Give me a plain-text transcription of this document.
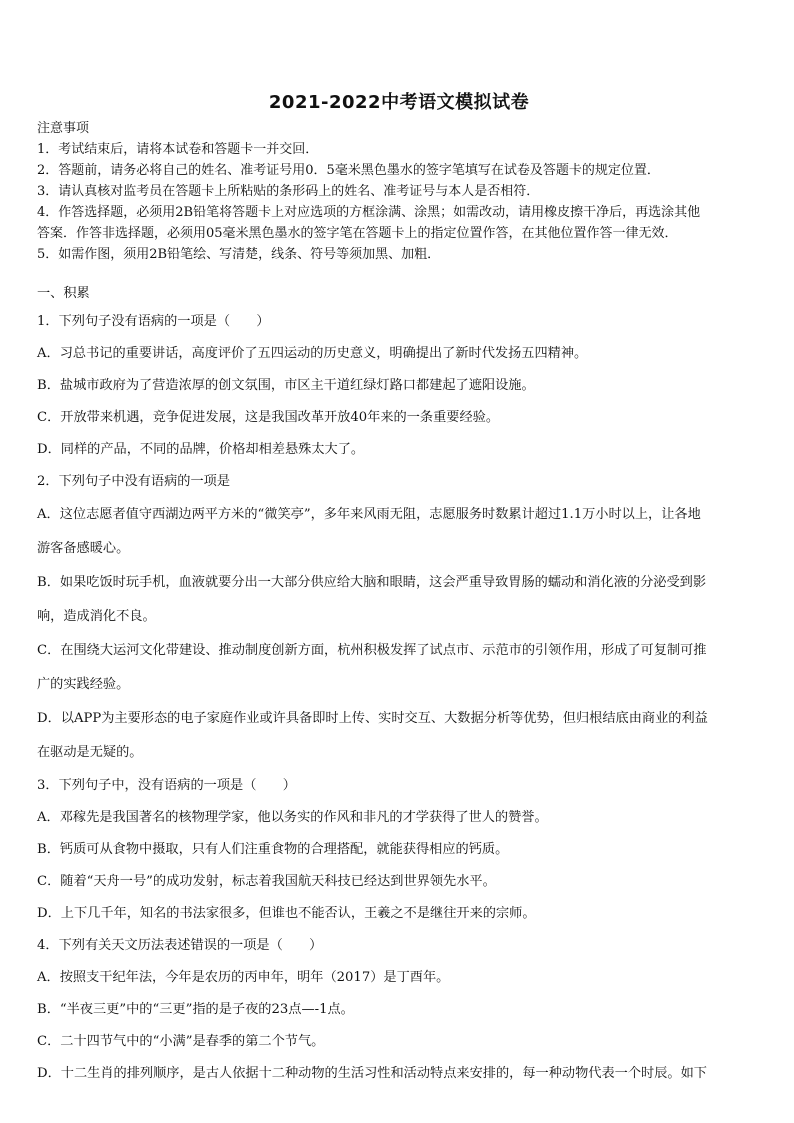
2021-2022中考语文模拟试卷

注意事项

1．考试结束后，请将本试卷和答题卡一并交回．

2．答题前，请务必将自己的姓名、准考证号用0．5毫米黑色墨水的签字笔填写在试卷及答题卡的规定位置．

3．请认真核对监考员在答题卡上所粘贴的条形码上的姓名、准考证号与本人是否相符．

4．作答选择题，必须用2B铅笔将答题卡上对应选项的方框涂满、涂黑；如需改动，请用橡皮擦干净后，再选涂其他

答案．作答非选择题，必须用05毫米黑色墨水的签字笔在答题卡上的指定位置作答，在其他位置作答一律无效．

5．如需作图，须用2B铅笔绘、写清楚，线条、符号等须加黑、加粗．

一、积累

1．下列句子没有语病的一项是（　　）

A．习总书记的重要讲话，高度评价了五四运动的历史意义，明确提出了新时代发扬五四精神。

B．盐城市政府为了营造浓厚的创文氛围，市区主干道红绿灯路口都建起了遮阳设施。

C．开放带来机遇，竞争促进发展，这是我国改革开放40年来的一条重要经验。

D．同样的产品，不同的品牌，价格却相差悬殊太大了。

2．下列句子中没有语病的一项是

A．这位志愿者值守西湖边两平方米的“微笑亭”，多年来风雨无阻，志愿服务时数累计超过1.1万小时以上，让各地

游客备感暖心。

B．如果吃饭时玩手机，血液就要分出一大部分供应给大脑和眼睛，这会严重导致胃肠的蠕动和消化液的分泌受到影

响，造成消化不良。

C．在围绕大运河文化带建设、推动制度创新方面，杭州积极发挥了试点市、示范市的引领作用，形成了可复制可推

广的实践经验。

D．以APP为主要形态的电子家庭作业或许具备即时上传、实时交互、大数据分析等优势，但归根结底由商业的利益

在驱动是无疑的。

3．下列句子中，没有语病的一项是（　　）

A．邓稼先是我国著名的核物理学家，他以务实的作风和非凡的才学获得了世人的赞誉。

B．钙质可从食物中摄取，只有人们注重食物的合理搭配，就能获得相应的钙质。

C．随着“天舟一号”的成功发射，标志着我国航天科技已经达到世界领先水平。

D．上下几千年，知名的书法家很多，但谁也不能否认，王羲之不是继往开来的宗师。

4．下列有关天文历法表述错误的一项是（　　）

A．按照支干纪年法，今年是农历的丙申年，明年（2017）是丁酉年。

B．“半夜三更”中的“三更”指的是子夜的23点—-1点。

C．二十四节气中的“小满”是春季的第二个节气。

D．十二生肖的排列顺序，是古人依据十二种动物的生活习性和活动特点来安排的，每一种动物代表一个时辰。如下
